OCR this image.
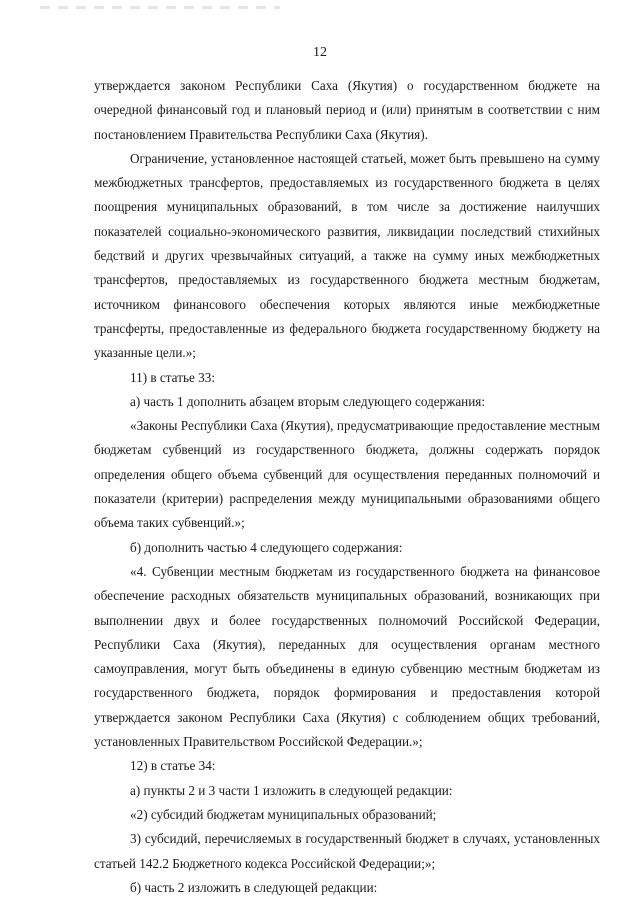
12

утверждается законом Республики Саха (Якутия) о государственном бюджете на очередной финансовый год и плановый период и (или) принятым в соответствии с ним постановлением Правительства Республики Саха (Якутия).

Ограничение, установленное настоящей статьей, может быть превышено на сумму межбюджетных трансфертов, предоставляемых из государственного бюджета в целях поощрения муниципальных образований, в том числе за достижение наилучших показателей социально-экономического развития, ликвидации последствий стихийных бедствий и других чрезвычайных ситуаций, а также на сумму иных межбюджетных трансфертов, предоставляемых из государственного бюджета местным бюджетам, источником финансового обеспечения которых являются иные межбюджетные трансферты, предоставленные из федерального бюджета государственному бюджету на указанные цели.»;

11) в статье 33:

а) часть 1 дополнить абзацем вторым следующего содержания:

«Законы Республики Саха (Якутия), предусматривающие предоставление местным бюджетам субвенций из государственного бюджета, должны содержать порядок определения общего объема субвенций для осуществления переданных полномочий и показатели (критерии) распределения между муниципальными образованиями общего объема таких субвенций.»;

б) дополнить частью 4 следующего содержания:

«4. Субвенции местным бюджетам из государственного бюджета на финансовое обеспечение расходных обязательств муниципальных образований, возникающих при выполнении двух и более государственных полномочий Российской Федерации, Республики Саха (Якутия), переданных для осуществления органам местного самоуправления, могут быть объединены в единую субвенцию местным бюджетам из государственного бюджета, порядок формирования и предоставления которой утверждается законом Республики Саха (Якутия) с соблюдением общих требований, установленных Правительством Российской Федерации.»;

12) в статье 34:

а) пункты 2 и 3 части 1 изложить в следующей редакции:

«2) субсидий бюджетам муниципальных образований;

3) субсидий, перечисляемых в государственный бюджет в случаях, установленных статьей 142.2 Бюджетного кодекса Российской Федерации;»;

б) часть 2 изложить в следующей редакции:
